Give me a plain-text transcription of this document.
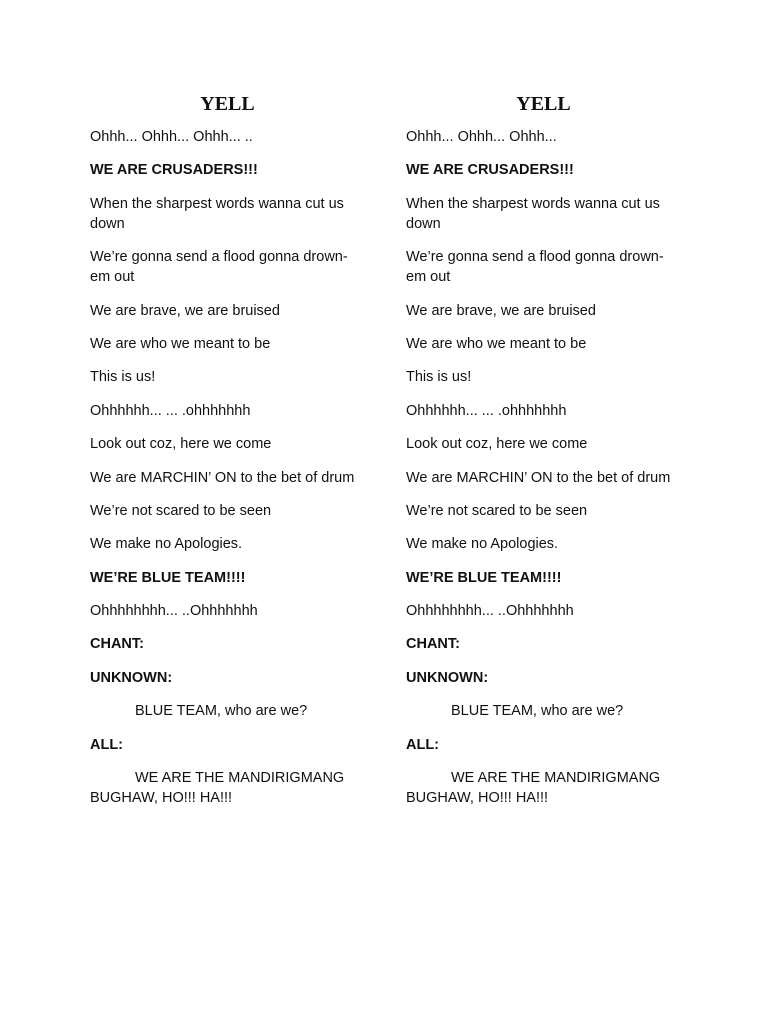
YELL
Ohhh... Ohhh... Ohhh... ..
WE ARE CRUSADERS!!!
When the sharpest words wanna cut us down
We’re gonna send a flood gonna drown-em out
We are brave, we are bruised
We are who we meant to be
This is us!
Ohhhhhh... ... .ohhhhhhh
Look out coz, here we come
We are MARCHIN’ ON to the bet of drum
We’re not scared to be seen
We make no Apologies.
WE’RE BLUE TEAM!!!!
Ohhhhhhhh... ..Ohhhhhhh
CHANT:
UNKNOWN:
BLUE TEAM, who are we?
ALL:
WE ARE THE MANDIRIGMANG BUGHAW, HO!!! HA!!!
YELL
Ohhh... Ohhh... Ohhh...
WE ARE CRUSADERS!!!
When the sharpest words wanna cut us down
We’re gonna send a flood gonna drown-em out
We are brave, we are bruised
We are who we meant to be
This is us!
Ohhhhhh... ... .ohhhhhhh
Look out coz, here we come
We are MARCHIN’ ON to the bet of drum
We’re not scared to be seen
We make no Apologies.
WE’RE BLUE TEAM!!!!
Ohhhhhhhh... ..Ohhhhhhh
CHANT:
UNKNOWN:
BLUE TEAM, who are we?
ALL:
WE ARE THE MANDIRIGMANG BUGHAW, HO!!! HA!!!
